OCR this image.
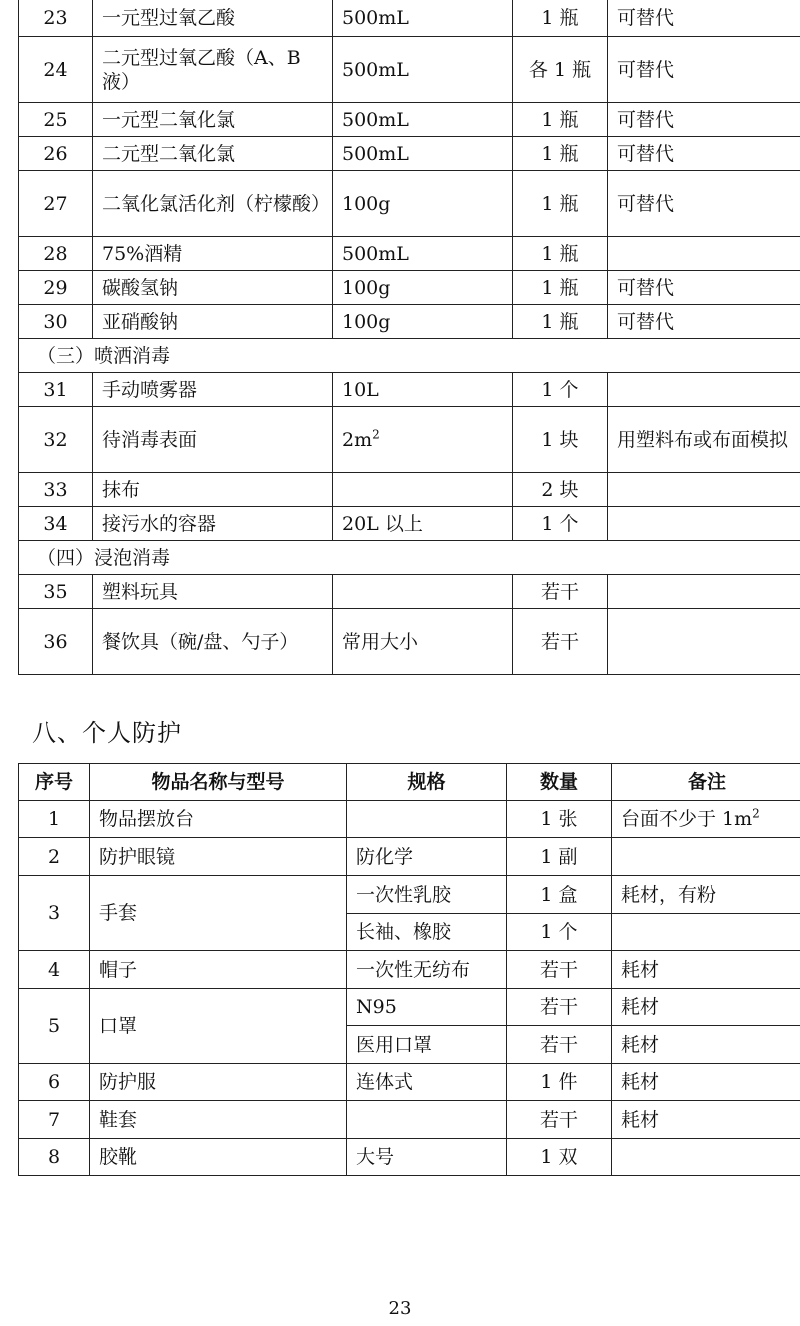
23	一元型过氧乙酸	500mL	1 瓶	可替代
24	二元型过氧乙酸（A、B 液）	500mL	各 1 瓶	可替代
25	一元型二氧化氯	500mL	1 瓶	可替代
26	二元型二氧化氯	500mL	1 瓶	可替代
27	二氧化氯活化剂（柠檬酸）	100g	1 瓶	可替代
28	75%酒精	500mL	1 瓶	
29	碳酸氢钠	100g	1 瓶	可替代
30	亚硝酸钠	100g	1 瓶	可替代
（三）喷洒消毒				
31	手动喷雾器	10L	1 个	
32	待消毒表面	$2m^2$	1 块	用塑料布或布面模拟
33	抹布		2 块	
34	接污水的容器	20L 以上	1 个	
（四）浸泡消毒				
35	塑料玩具		若干	
36	餐饮具（碗/盘、勺子）	常用大小	若干	
八、个人防护
序号	物品名称与型号	规格	数量	备注
1	物品摆放台		1 张	台面不少于 $1m^2$
2	防护眼镜	防化学	1 副	
3	手套	一次性乳胶	1 盒	耗材，有粉
		长袖、橡胶	1 个	
4	帽子	一次性无纺布	若干	耗材
5	口罩	N95	若干	耗材
		医用口罩	若干	耗材
6	防护服	连体式	1 件	耗材
7	鞋套		若干	耗材
8	胶靴	大号	1 双	
23
